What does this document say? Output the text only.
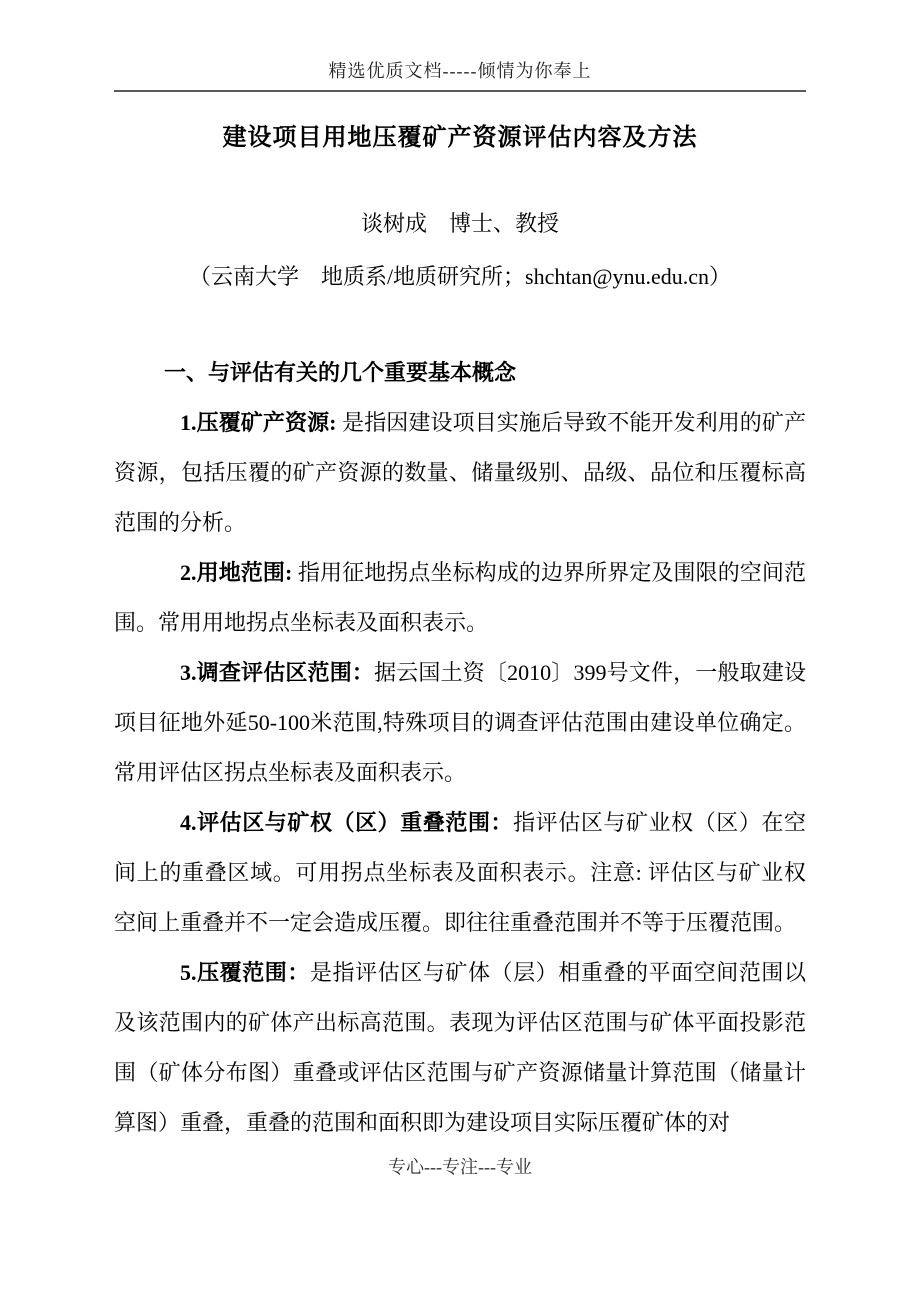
精选优质文档-----倾情为你奉上
建设项目用地压覆矿产资源评估内容及方法
谈树成　博士、教授
（云南大学　地质系/地质研究所；shchtan@ynu.edu.cn）
一、与评估有关的几个重要基本概念

1.压覆矿产资源: 是指因建设项目实施后导致不能开发利用的矿产资源，包括压覆的矿产资源的数量、储量级别、品级、品位和压覆标高范围的分析。

2.用地范围: 指用征地拐点坐标构成的边界所界定及围限的空间范围。常用用地拐点坐标表及面积表示。

3.调查评估区范围：据云国土资〔2010〕399号文件，一般取建设项目征地外延50-100米范围,特殊项目的调查评估范围由建设单位确定。常用评估区拐点坐标表及面积表示。

4.评估区与矿权（区）重叠范围：指评估区与矿业权（区）在空间上的重叠区域。可用拐点坐标表及面积表示。注意: 评估区与矿业权空间上重叠并不一定会造成压覆。即往往重叠范围并不等于压覆范围。

5.压覆范围：是指评估区与矿体（层）相重叠的平面空间范围以及该范围内的矿体产出标高范围。表现为评估区范围与矿体平面投影范围（矿体分布图）重叠或评估区范围与矿产资源储量计算范围（储量计算图）重叠，重叠的范围和面积即为建设项目实际压覆矿体的对

专心---专注---专业
